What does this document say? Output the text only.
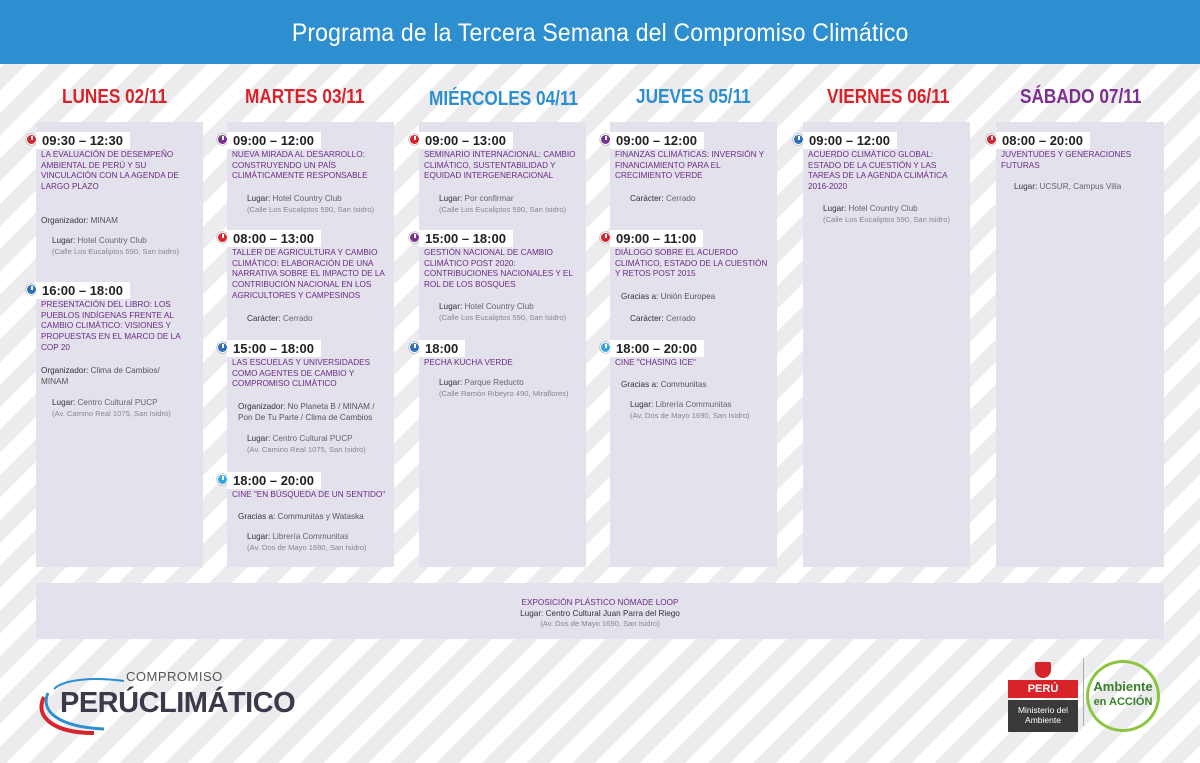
Programa de la Tercera Semana del Compromiso Climático
LUNES 02/11	MARTES 03/11	MIÉRCOLES 04/11	JUEVES 05/11	VIERNES 06/11	SÁBADO 07/11
09:30 – 12:30
LA EVALUACIÓN DE DESEMPEÑO AMBIENTAL DE PERÚ Y SU VINCULACIÓN CON LA AGENDA DE LARGO PLAZO
Organizador: MINAM
Lugar: Hotel Country Club
(Calle Los Eucaliptos 590, San Isidro)
16:00 – 18:00
PRESENTACIÓN DEL LIBRO: LOS PUEBLOS INDÍGENAS FRENTE AL CAMBIO CLIMÁTICO: VISIONES Y PROPUESTAS EN EL MARCO DE LA COP 20
Organizador: Clima de Cambios/ MINAM
Lugar: Centro Cultural PUCP
(Av. Camino Real 1075, San Isidro)
09:00 – 12:00
NUEVA MIRADA AL DESARROLLO: CONSTRUYENDO UN PAÍS CLIMÁTICAMENTE RESPONSABLE
Lugar: Hotel Country Club
(Calle Los Eucaliptos 590, San Isidro)
08:00 – 13:00
TALLER DE AGRICULTURA Y CAMBIO CLIMÁTICO: ELABORACIÓN DE UNA NARRATIVA SOBRE EL IMPACTO DE LA CONTRIBUCIÓN NACIONAL EN LOS AGRICULTORES Y CAMPESINOS
Carácter: Cerrado
15:00 – 18:00
LAS ESCUELAS Y UNIVERSIDADES COMO AGENTES DE CAMBIO Y COMPROMISO CLIMÁTICO
Organizador: No Planeta B / MINAM / Pon De Tu Parte / Clima de Cambios
Lugar: Centro Cultural PUCP
(Av. Camino Real 1075, San Isidro)
18:00 – 20:00
CINE "EN BÚSQUEDA DE UN SENTIDO"
Gracias a: Communitas y Wataska
Lugar: Librería Communitas
(Av. Dos de Mayo 1690, San Isidro)
09:00 – 13:00
SEMINARIO INTERNACIONAL: CAMBIO CLIMÁTICO, SUSTENTABILIDAD Y EQUIDAD INTERGENERACIONAL
Lugar: Por confirmar
(Calle Los Eucaliptos 590, San Isidro)
15:00 – 18:00
GESTIÓN NACIONAL DE CAMBIO CLIMÁTICO POST 2020: CONTRIBUCIONES NACIONALES Y EL ROL DE LOS BOSQUES
Lugar: Hotel Country Club
(Calle Los Eucaliptos 590, San Isidro)
18:00
PECHA KUCHA VERDE
Lugar: Parque Reducto
(Calle Ramón Ribeyro 490, Miraflores)
09:00 – 12:00
FINANZAS CLIMÁTICAS: INVERSIÓN Y FINANCIAMIENTO PARA EL CRECIMIENTO VERDE
Carácter: Cerrado
09:00 – 11:00
DIÁLOGO SOBRE EL ACUERDO CLIMÁTICO, ESTADO DE LA CUESTIÓN Y RETOS POST 2015
Gracias a: Unión Europea
Carácter: Cerrado
18:00 – 20:00
CINE "CHASING ICE"
Gracias a: Communitas
Lugar: Librería Communitas
(Av. Dos de Mayo 1690, San Isidro)
09:00 – 12:00
ACUERDO CLIMÁTICO GLOBAL: ESTADO DE LA CUESTIÓN Y LAS TAREAS DE LA AGENDA CLIMÁTICA 2016-2020
Lugar: Hotel Country Club
(Calle Los Eucaliptos 590, San Isidro)
08:00 – 20:00
JUVENTUDES Y GENERACIONES FUTURAS
Lugar: UCSUR, Campus Villa
EXPOSICIÓN PLÁSTICO NÓMADE LOOP
Lugar: Centro Cultural Juan Parra del Riego
(Av. Dos de Mayo 1690, San Isidro)
COMPROMISO
PERÚCLIMÁTICO	PERÚ
Ministerio del Ambiente
Ambiente
en ACCIÓN
